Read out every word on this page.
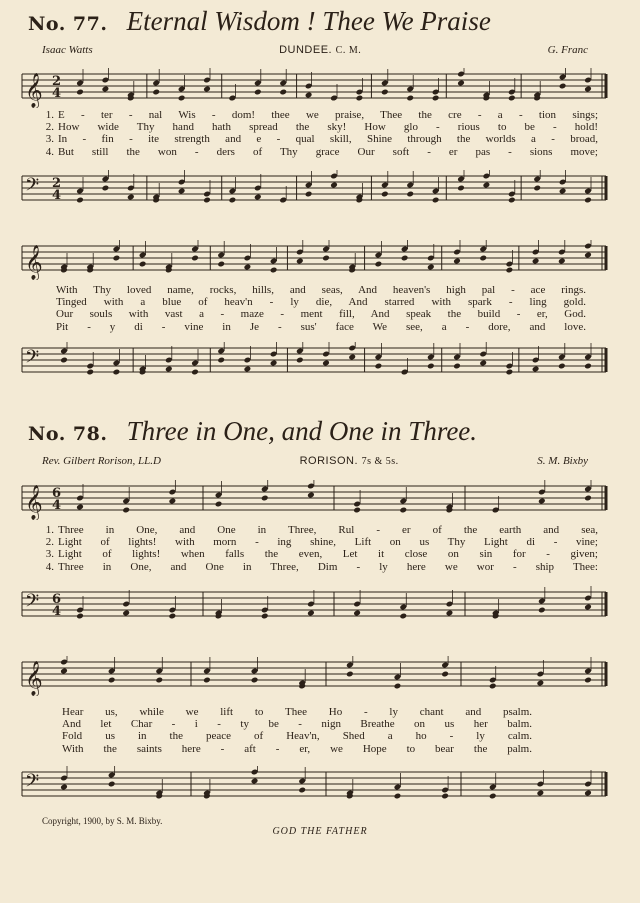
No. 77. Eternal Wisdom ! Thee We Praise
Isaac Watts	DUNDEE. C. M.	G. Franc
𝄞 2
4
1. E - ter - nal Wis - dom! thee we praise, Thee the cre - a - tion sings;
2. How wide Thy hand hath spread the sky! How glo - rious to be - hold!
3. In - fin - ite strength and e - qual skill, Shine through the worlds a - broad,
4. But still the won - ders of Thy grace Our soft - er pas - sions move;
𝄢 2
4
𝄞
With Thy loved name, rocks, hills, and seas, And heaven's high pal - ace rings.
Tinged with a blue of heav'n - ly die, And starred with spark - ling gold.
Our souls with vast a - maze - ment fill, And speak the build - er, God.
Pit - y di - vine in Je - sus' face We see, a - dore, and love.
𝄢
No. 78. Three in One, and One in Three.
Rev. Gilbert Rorison, LL.D	RORISON. 7s & 5s.	S. M. Bixby
𝄞 6
4
1. Three in One, and One in Three, Rul - er of the earth and sea,
2. Light of lights! with morn - ing shine, Lift on us Thy Light di - vine;
3. Light of lights! when falls the even, Let it close on sin for - given;
4. Three in One, and One in Three, Dim - ly here we wor - ship Thee:
𝄢 6
4
𝄞
Hear us, while we lift to Thee Ho - ly chant and psalm.
And let Char - i - ty be - nign Breathe on us her balm.
Fold us in the peace of Heav'n, Shed a ho - ly calm.
With the saints here - aft - er, we Hope to bear the palm.
𝄢
Copyright, 1900, by S. M. Bixby.
GOD THE FATHER
